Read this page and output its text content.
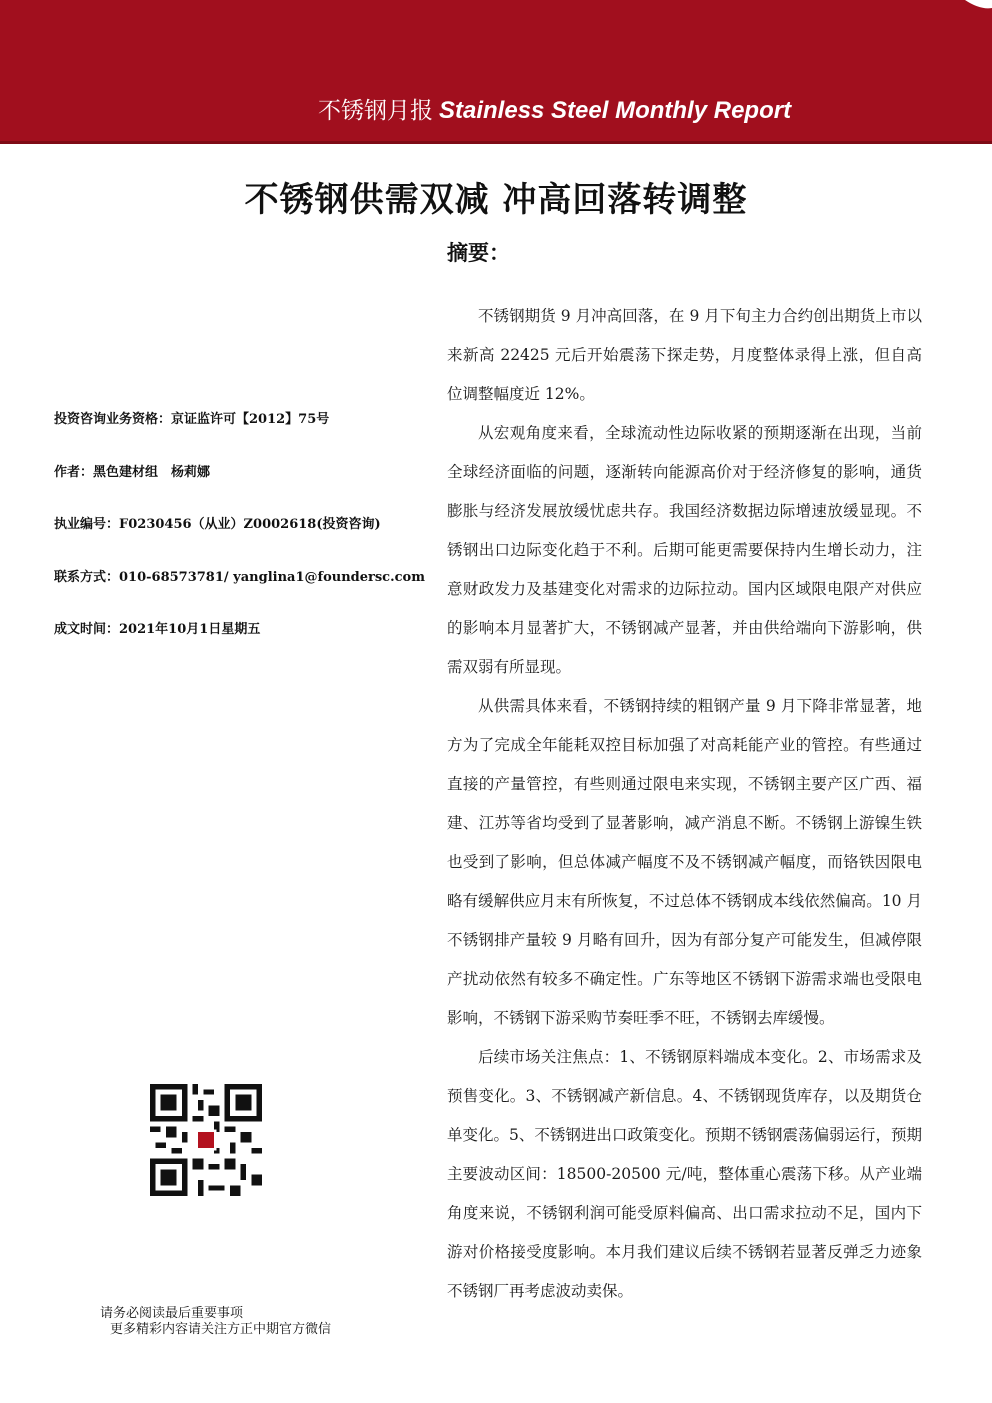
不锈钢月报 Stainless Steel Monthly Report
不锈钢供需双减 冲高回落转调整
摘要：

不锈钢期货 9 月冲高回落，在 9 月下旬主力合约创出期货上市以来新高 22425 元后开始震荡下探走势，月度整体录得上涨，但自高位调整幅度近 12%。

从宏观角度来看，全球流动性边际收紧的预期逐渐在出现，当前全球经济面临的问题，逐渐转向能源高价对于经济修复的影响，通货膨胀与经济发展放缓忧虑共存。我国经济数据边际增速放缓显现。不锈钢出口边际变化趋于不利。后期可能更需要保持内生增长动力，注意财政发力及基建变化对需求的边际拉动。国内区域限电限产对供应的影响本月显著扩大，不锈钢减产显著，并由供给端向下游影响，供需双弱有所显现。

从供需具体来看，不锈钢持续的粗钢产量 9 月下降非常显著，地方为了完成全年能耗双控目标加强了对高耗能产业的管控。有些通过直接的产量管控，有些则通过限电来实现，不锈钢主要产区广西、福建、江苏等省均受到了显著影响，减产消息不断。不锈钢上游镍生铁也受到了影响，但总体减产幅度不及不锈钢减产幅度，而铬铁因限电略有缓解供应月末有所恢复，不过总体不锈钢成本线依然偏高。10 月不锈钢排产量较 9 月略有回升，因为有部分复产可能发生，但减停限产扰动依然有较多不确定性。广东等地区不锈钢下游需求端也受限电影响，不锈钢下游采购节奏旺季不旺，不锈钢去库缓慢。

后续市场关注焦点：1、不锈钢原料端成本变化。2、市场需求及预售变化。3、不锈钢减产新信息。4、不锈钢现货库存，以及期货仓单变化。5、不锈钢进出口政策变化。预期不锈钢震荡偏弱运行，预期主要波动区间：18500-20500 元/吨，整体重心震荡下移。从产业端角度来说，不锈钢利润可能受原料偏高、出口需求拉动不足，国内下游对价格接受度影响。本月我们建议后续不锈钢若显著反弹乏力迹象不锈钢厂再考虑波动卖保。

投资咨询业务资格：京证监许可【2012】75号
作者：黑色建材组　杨莉娜
执业编号：F0230456（从业）Z0002618(投资咨询)
联系方式：010-68573781/ yanglina1@foundersc.com
成文时间：2021年10月1日星期五
请务必阅读最后重要事项
更多精彩内容请关注方正中期官方微信
